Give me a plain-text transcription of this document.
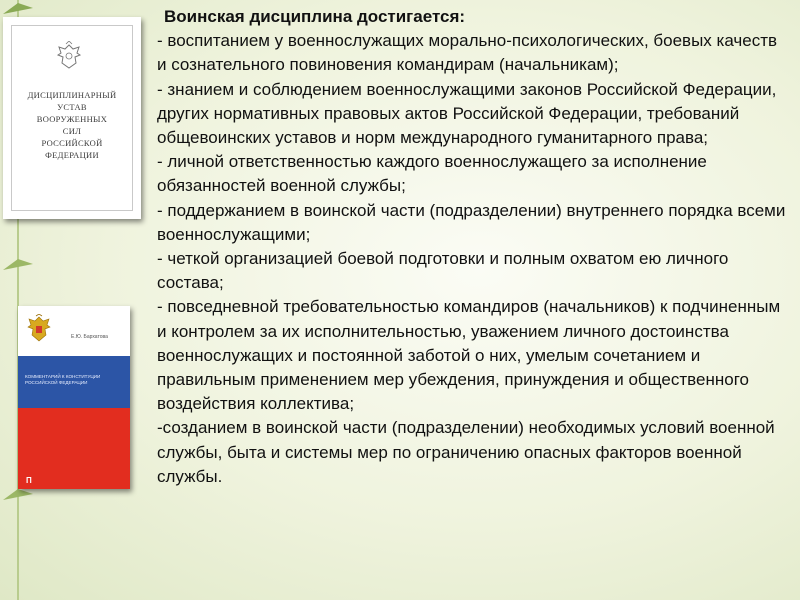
ДИСЦИПЛИНАРНЫЙ
УСТАВ
ВООРУЖЕННЫХ
СИЛ
РОССИЙСКОЙ
ФЕДЕРАЦИИ
Е.Ю. Бархатова
КОММЕНТАРИЙ К КОНСТИТУЦИИ
РОССИЙСКОЙ ФЕДЕРАЦИИ
П
Воинская дисциплина достигается:
- воспитанием у военнослужащих морально-психологических, боевых качеств и сознательного повиновения командирам (начальникам);
- знанием и соблюдением военнослужащими законов Российской Федерации, других нормативных правовых актов Российской Федерации, требований общевоинских уставов и норм международного гуманитарного права;
- личной ответственностью каждого военнослужащего за исполнение обязанностей военной службы;
- поддержанием в воинской части (подразделении) внутреннего порядка всеми военнослужащими;
- четкой организацией боевой подготовки и полным охватом ею личного состава;
- повседневной требовательностью командиров (начальников) к подчиненным и контролем за их исполнительностью, уважением личного достоинства военнослужащих и постоянной заботой о них, умелым сочетанием и правильным применением мер убеждения, принуждения и общественного воздействия коллектива;
-созданием в воинской части (подразделении) необходимых условий военной службы, быта и системы мер по ограничению опасных факторов военной службы.
